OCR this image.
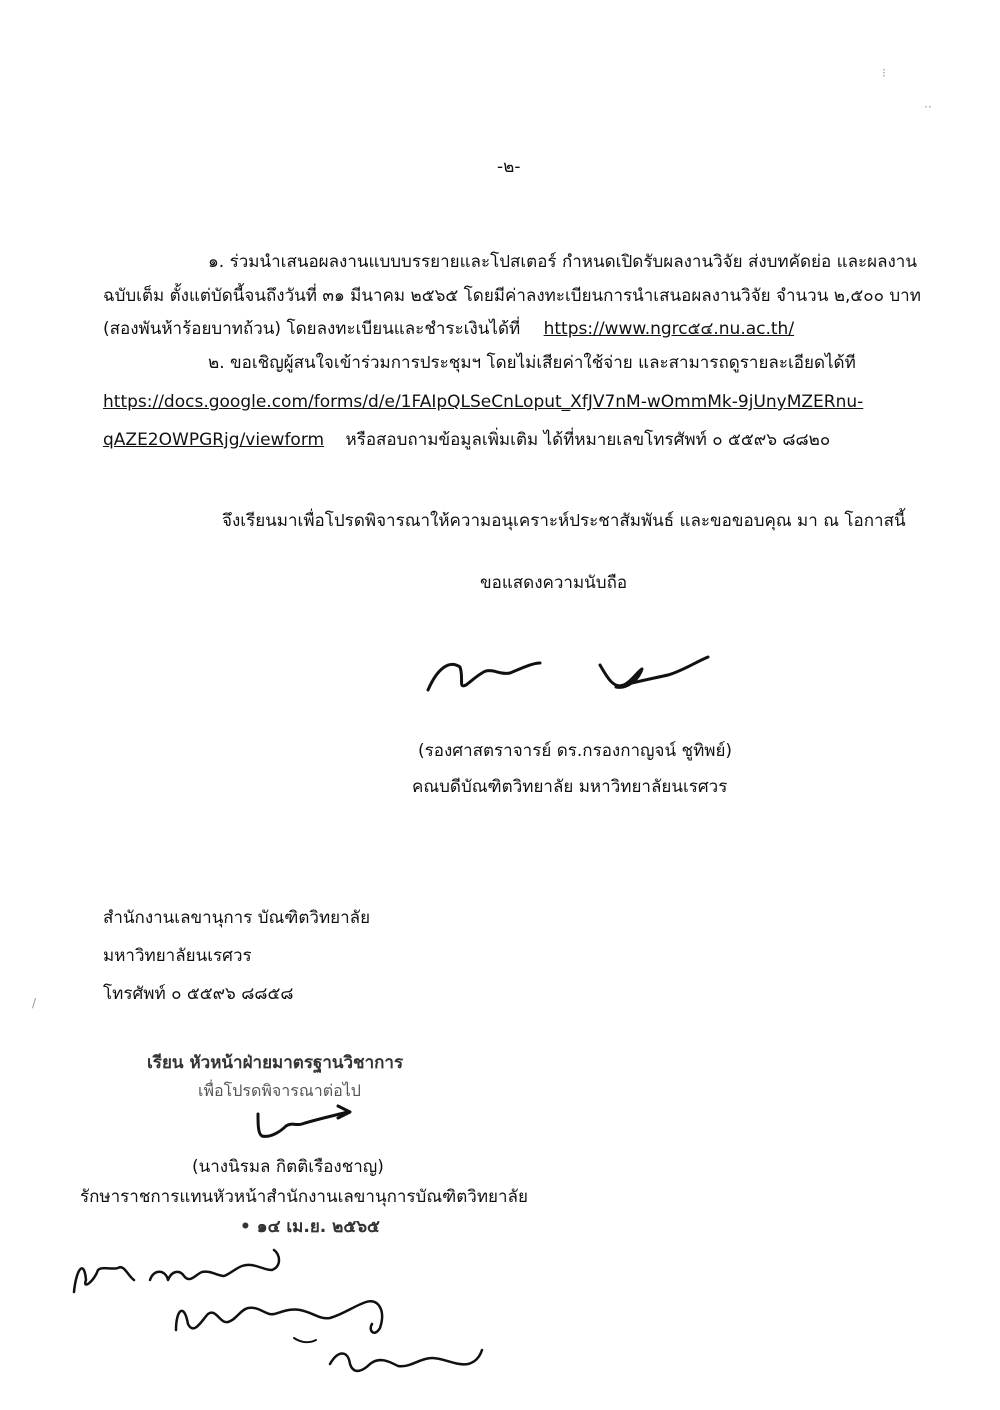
⁝
··
/
-๒-
๑. ร่วมนำเสนอผลงานแบบบรรยายและโปสเตอร์ กำหนดเปิดรับผลงานวิจัย ส่งบทคัดย่อ และผลงาน
ฉบับเต็ม ตั้งแต่บัดนี้จนถึงวันที่ ๓๑ มีนาคม ๒๕๖๕ โดยมีค่าลงทะเบียนการนำเสนอผลงานวิจัย จำนวน ๒,๕๐๐ บาท
(สองพันห้าร้อยบาทถ้วน) โดยลงทะเบียนและชำระเงินได้ที่ https://www.ngrc๕๔.nu.ac.th/
๒. ขอเชิญผู้สนใจเข้าร่วมการประชุมฯ โดยไม่เสียค่าใช้จ่าย และสามารถดูรายละเอียดได้ที
https://docs.google.com/forms/d/e/1FAIpQLSeCnLoput_XfJV7nM-wOmmMk-9jUnyMZERnu-
qAZE2OWPGRjg/viewform หรือสอบถามข้อมูลเพิ่มเติม ได้ที่หมายเลขโทรศัพท์ ๐ ๕๕๙๖ ๘๘๒๐
จึงเรียนมาเพื่อโปรดพิจารณาให้ความอนุเคราะห์ประชาสัมพันธ์ และขอขอบคุณ มา ณ โอกาสนี้
ขอแสดงความนับถือ
(รองศาสตราจารย์ ดร.กรองกาญจน์ ชูทิพย์)
คณบดีบัณฑิตวิทยาลัย มหาวิทยาลัยนเรศวร
สำนักงานเลขานุการ บัณฑิตวิทยาลัย
มหาวิทยาลัยนเรศวร
โทรศัพท์ ๐ ๕๕๙๖ ๘๘๕๘
เรียน หัวหน้าฝ่ายมาตรฐานวิชาการ
เพื่อโปรดพิจารณาต่อไป
(นางนิรมล กิตติเรืองชาญ)
รักษาราชการแทนหัวหน้าสำนักงานเลขานุการบัณฑิตวิทยาลัย
• ๑๔ เม.ย. ๒๕๖๕
